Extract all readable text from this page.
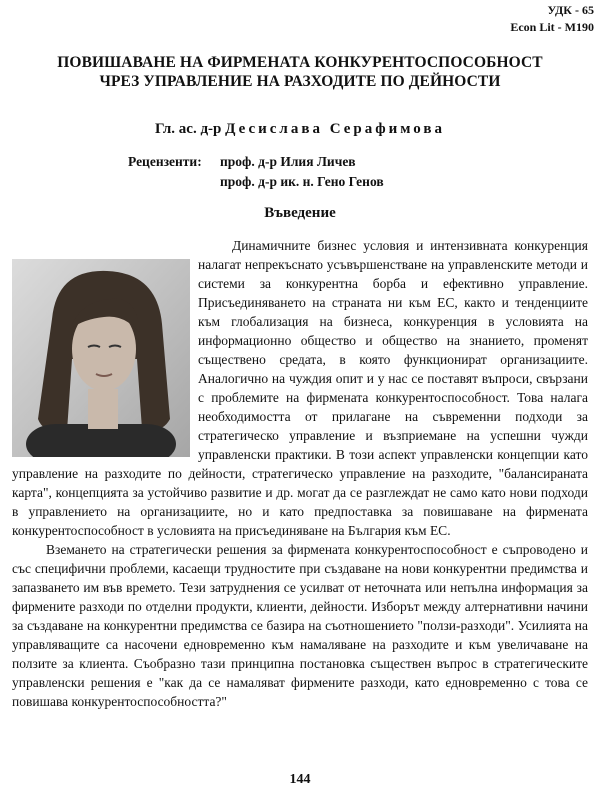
УДК - 65
Econ Lit - M190
ПОВИШАВАНЕ НА ФИРМЕНАТА КОНКУРЕНТОСПОСОБНОСТ
ЧРЕЗ УПРАВЛЕНИЕ НА РАЗХОДИТЕ ПО ДЕЙНОСТИ
Гл. ас. д-р Десислава Серафимова
Рецензенти: проф. д-р Илия Личев
проф. д-р ик. н. Гено Генов
Въведение

Динамичните бизнес условия и интензивната конкуренция налагат непрекъснато усъвършенстване на управленските методи и системи за конкурентна борба и ефективно управление. Присъединяването на страната ни към ЕС, както и тенденциите към глобализация на бизнеса, конкуренция в условията на информационно общество и общество на знанието, променят съществено средата, в която функционират организациите. Аналогично на чуждия опит и у нас се поставят въпроси, свързани с проблемите на фирмената конкурентоспособност. Това налага необходимостта от прилагане на съвременни подходи за стратегическо управление и възприемане на успешни чужди управленски практики. В този аспект управленски концепции като управление на разходите по дейности, стратегическо управление на разходите, "балансираната карта", концепцията за устойчиво развитие и др. могат да се разглеждат не само като нови подходи в управлението на организациите, но и като предпоставка за повишаване на фирмената конкурентоспособност в условията на присъединяване на България към ЕС.

Вземането на стратегически решения за фирмената конкурентоспособност е съпроводено и със специфични проблеми, касаещи трудностите при създаване на нови конкурентни предимства и запазването им във времето. Тези затруднения се усилват от неточната или непълна информация за фирмените разходи по отделни продукти, клиенти, дейности. Изборът между алтернативни начини за създаване на конкурентни предимства се базира на съотношението "ползи-разходи". Усилията на управляващите са насочени едновременно към намаляване на разходите и към увеличаване на ползите за клиента. Съобразно тази принципна постановка съществен въпрос в стратегическите управленски решения е "как да се намаляват фирмените разходи, като едновременно с това се повишава конкурентоспособността?"

144
